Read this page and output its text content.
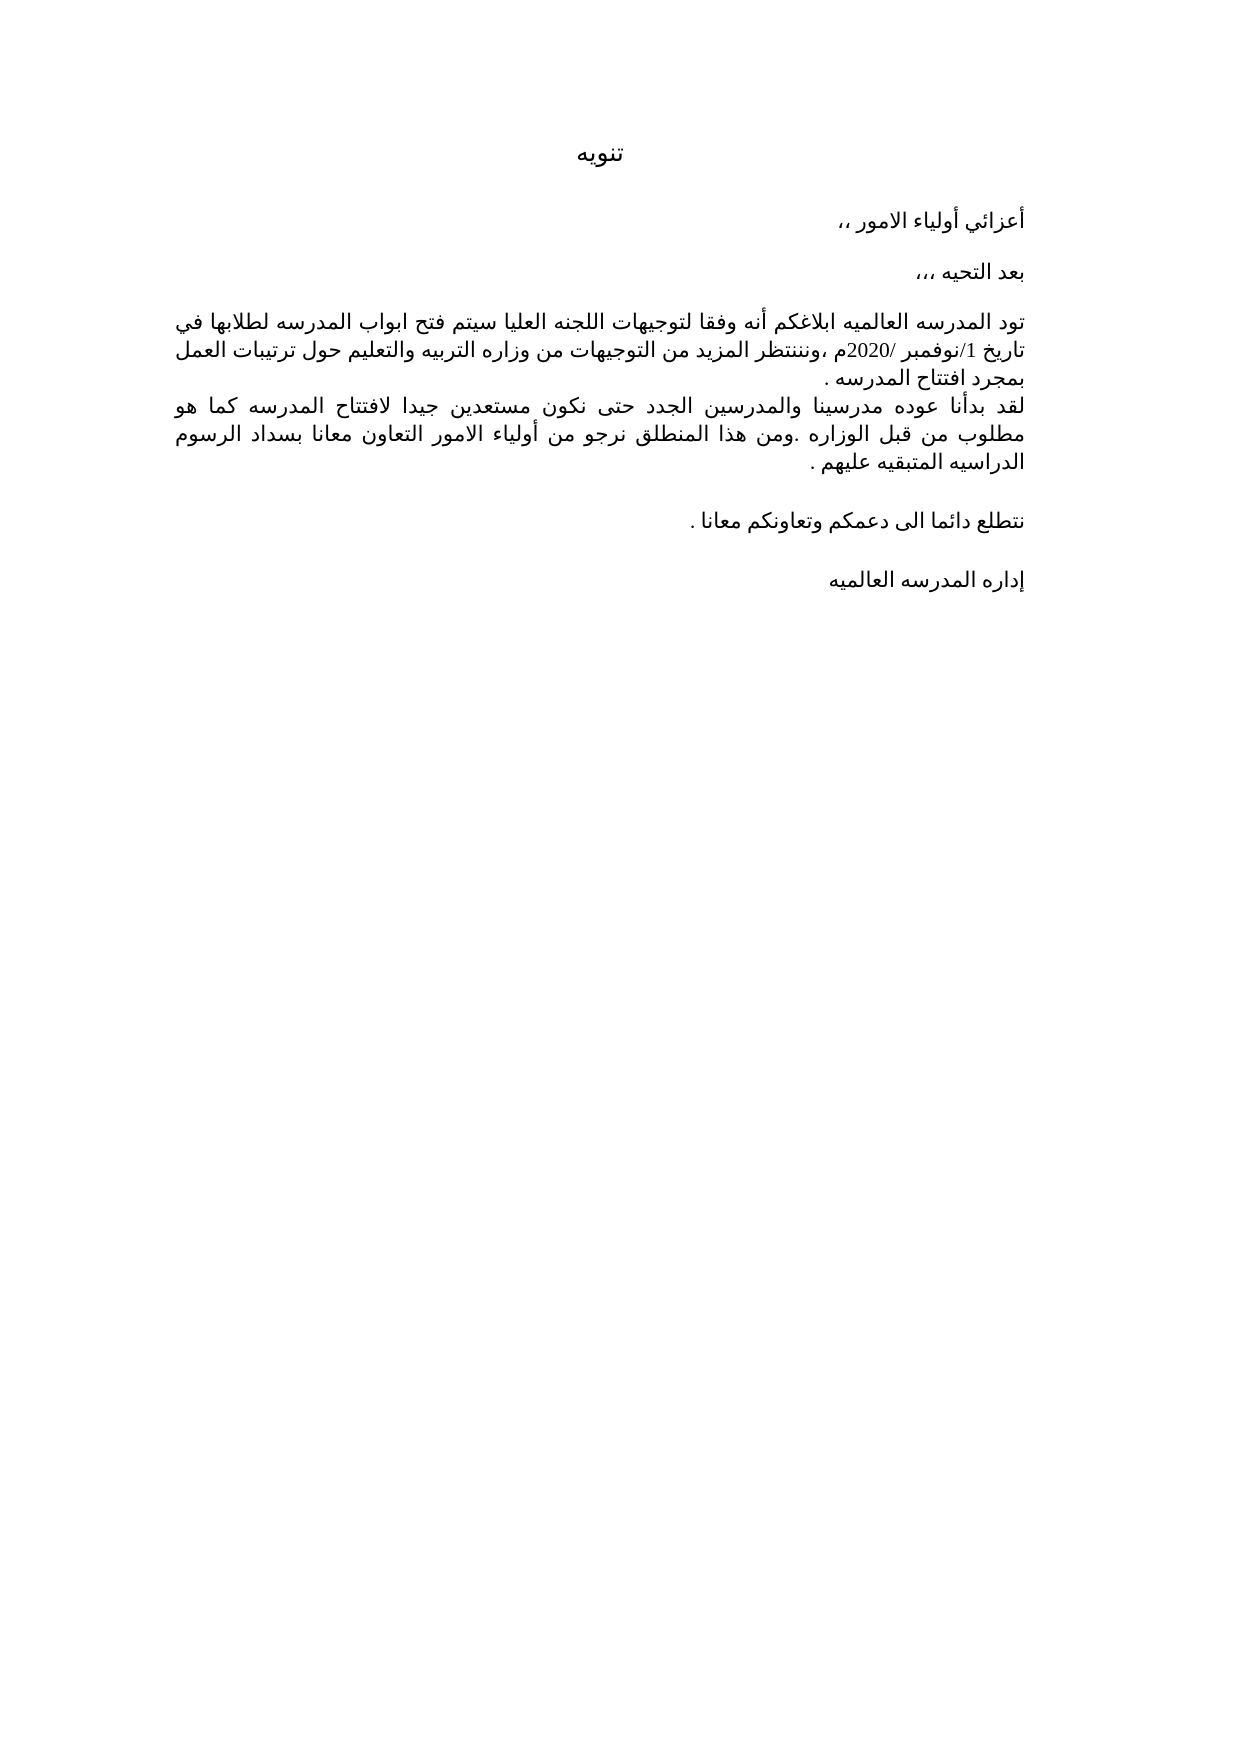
تنويه

أعزائي أولياء الامور ،،

بعد التحيه ،،،

تود المدرسه العالميه ابلاغكم أنه وفقا لتوجيهات اللجنه العليا سيتم فتح ابواب المدرسه لطلابها في تاريخ 1/نوفمبر /2020م ،ونننتظر المزيد من التوجيهات من وزاره التربيه والتعليم حول ترتيبات العمل بمجرد افتتاح المدرسه .

لقد بدأنا عوده مدرسينا والمدرسين الجدد حتى نكون مستعدين جيدا لافتتاح المدرسه كما هو مطلوب من قبل الوزاره .ومن هذا المنطلق نرجو من أولياء الامور التعاون معانا بسداد الرسوم الدراسيه المتبقيه عليهم .

نتطلع دائما الى دعمكم وتعاونكم معانا .

إداره المدرسه العالميه
